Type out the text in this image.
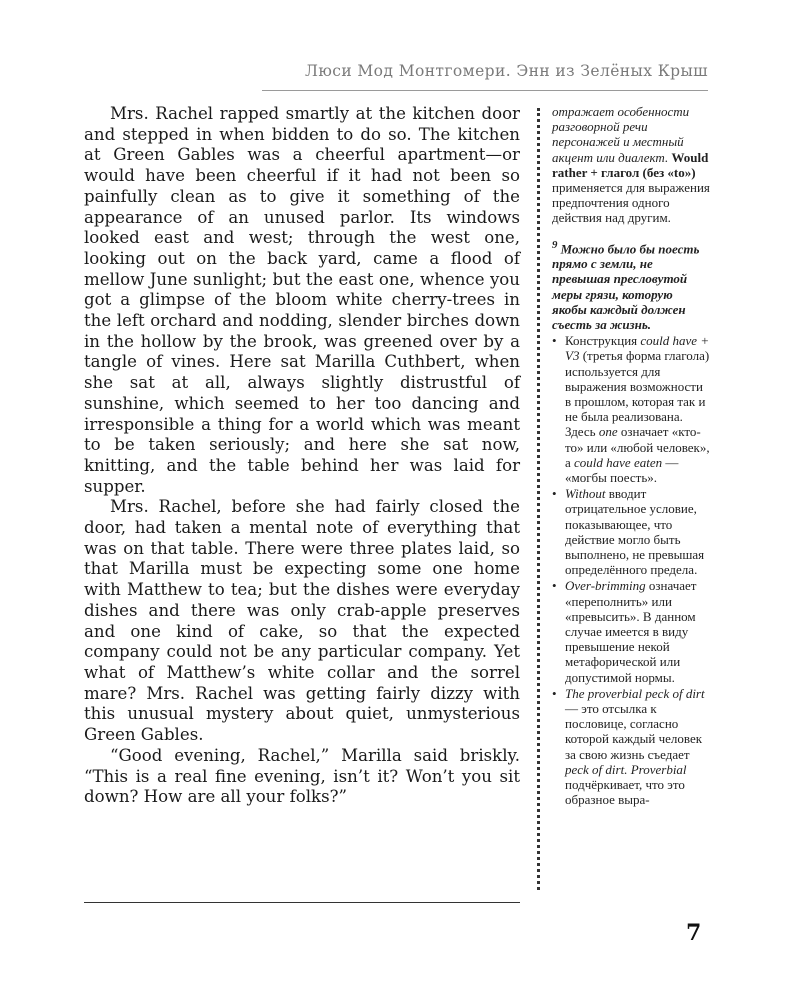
Люси Мод Монтгомери. Энн из Зелёных Крыш

Mrs. Rachel rapped smartly at the kitchen door and stepped in when bidden to do so. The kitchen at Green Gables was a cheerful apartment—or would have been cheerful if it had not been so painfully clean as to give it something of the appearance of an unused parlor. Its windows looked east and west; through the west one, looking out on the back yard, came a flood of mellow June sunlight; but the east one, whence you got a glimpse of the bloom white cherry-trees in the left orchard and nodding, slender birches down in the hollow by the brook, was greened over by a tangle of vines. Here sat Marilla Cuthbert, when she sat at all, always slightly distrustful of sunshine, which seemed to her too dancing and irresponsible a thing for a world which was meant to be taken seriously; and here she sat now, knitting, and the table behind her was laid for supper.

Mrs. Rachel, before she had fairly closed the door, had taken a mental note of everything that was on that table. There were three plates laid, so that Marilla must be expecting some one home with Matthew to tea; but the dishes were everyday dishes and there was only crab-apple preserves and one kind of cake, so that the expected company could not be any particular company. Yet what of Matthew’s white collar and the sorrel mare? Mrs. Rachel was getting fairly dizzy with this unusual mystery about quiet, unmysterious Green Gables.

“Good evening, Rachel,” Marilla said briskly. “This is a real fine evening, isn’t it? Won’t you sit down? How are all your folks?”

отражает особенности разговорной речи персонажей и местный акцент или диалект. Would rather + глагол (без «to») применяется для выражения предпочтения одного действия над другим.

$^9$ Можно было бы поесть прямо с земли, не превышая пресловутой меры грязи, которую якобы каждый должен съесть за жизнь.

• Конструкция could have + V3 (третья форма глагола) используется для выражения возможности в прошлом, которая так и не была реализована. Здесь one означает «кто-то» или «любой человек», а could have eaten — «могбы поесть».
• Without вводит отрицательное условие, показывающее, что действие могло быть выполнено, не превышая определённого предела.
• Over-brimming означает «переполнить» или «превысить». В данном случае имеется в виду превышение некой метафорической или допустимой нормы.
• The proverbial peck of dirt — это отсылка к пословице, согласно которой каждый человек за свою жизнь съедает peck of dirt. Proverbial подчёркивает, что это образное выра-
7
